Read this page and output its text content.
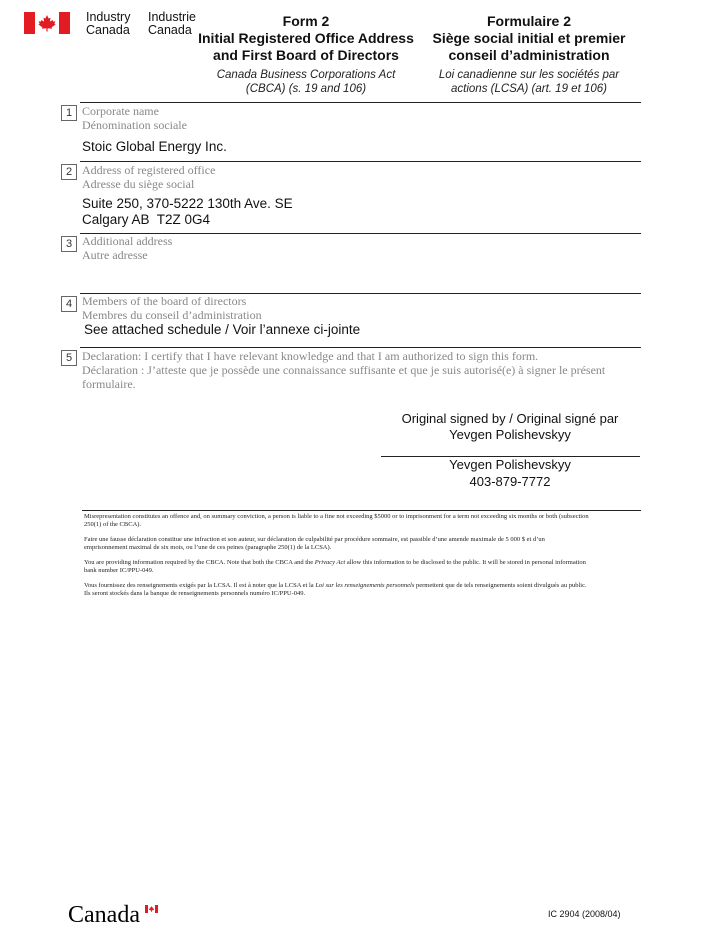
Industry
Canada
Industrie
Canada
Form 2
Initial Registered Office Address
and First Board of Directors
Canada Business Corporations Act
(CBCA) (s. 19 and 106)
Formulaire 2
Siège social initial et premier
conseil d’administration
Loi canadienne sur les sociétés par
actions (LCSA) (art. 19 et 106)
1 Corporate name
Dénomination sociale
Stoic Global Energy Inc.
2 Address of registered office
Adresse du siège social
Suite 250, 370-5222 130th Ave. SE
Calgary AB  T2Z 0G4
3 Additional address
Autre adresse
4 Members of the board of directors
Membres du conseil d’administration
See attached schedule / Voir l’annexe ci-jointe
5 Declaration: I certify that I have relevant knowledge and that I am authorized to sign this form.
Déclaration : J’atteste que je possède une connaissance suffisante et que je suis autorisé(e) à signer le présent
formulaire.
Original signed by / Original signé par
Yevgen Polishevskyy
Yevgen Polishevskyy
403-879-7772
Misrepresentation constitutes an offence and, on summary conviction, a person is liable to a fine not exceeding $5000 or to imprisonment for a term not exceeding six months or both (subsection
250(1) of the CBCA).
Faire une fausse déclaration constitue une infraction et son auteur, sur déclaration de culpabilité par procédure sommaire, est passible d’une amende maximale de 5 000 $ et d’un
emprisonnement maximal de six mois, ou l’une de ces peines (paragraphe 250(1) de la LCSA).
You are providing information required by the CBCA. Note that both the CBCA and the Privacy Act allow this information to be disclosed to the public. It will be stored in personal information
bank number IC/PPU-049.
Vous fournissez des renseignements exigés par la LCSA. Il est à noter que la LCSA et la Loi sur les renseignements personnels permettent que de tels renseignements soient divulgués au public.
Ils seront stockés dans la banque de renseignements personnels numéro IC/PPU-049.
Canada	IC 2904 (2008/04)
